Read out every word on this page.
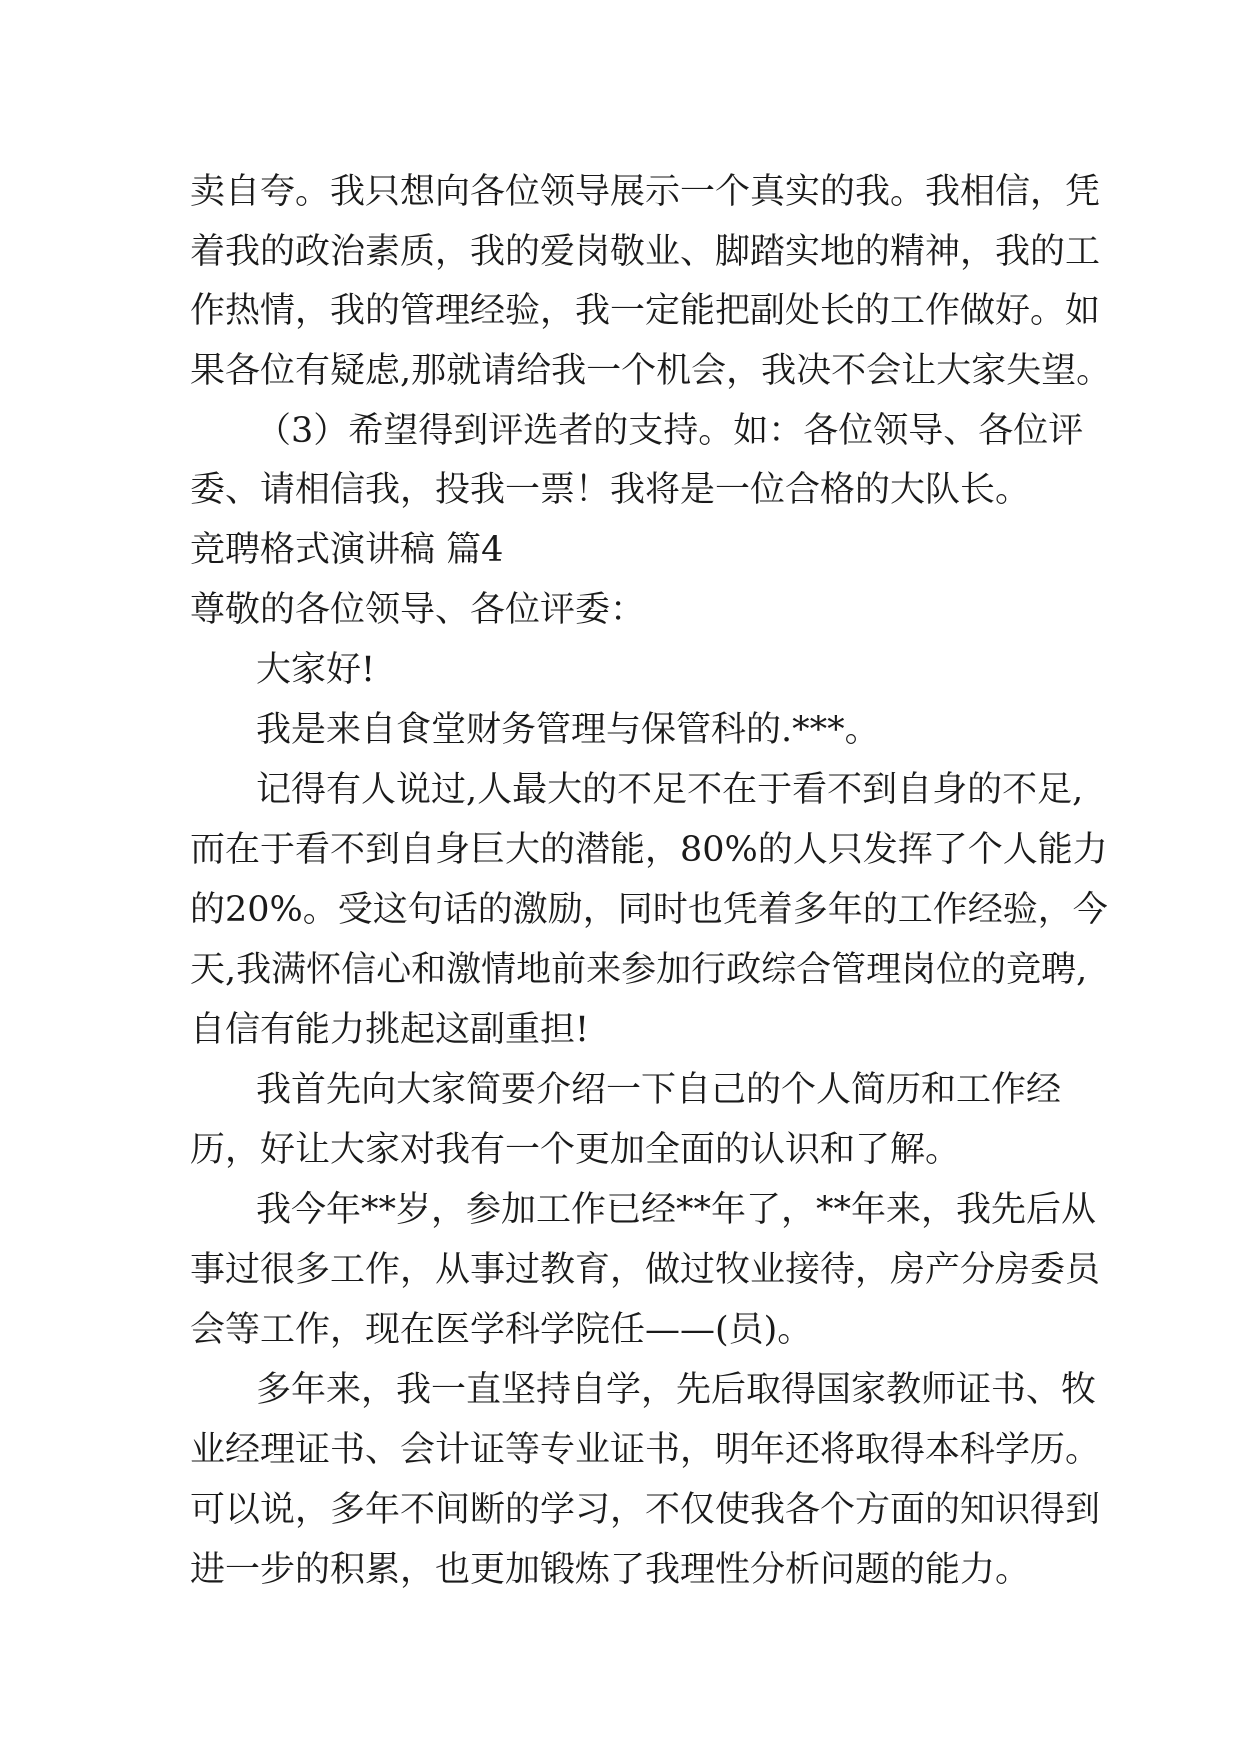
卖自夸。我只想向各位领导展示一个真实的我。我相信，凭
着我的政治素质，我的爱岗敬业、脚踏实地的精神，我的工
作热情，我的管理经验，我一定能把副处长的工作做好。如
果各位有疑虑,那就请给我一个机会，我决不会让大家失望。
（3）希望得到评选者的支持。如：各位领导、各位评
委、请相信我，投我一票！我将是一位合格的大队长。
竞聘格式演讲稿 篇4
尊敬的各位领导、各位评委：
大家好!
我是来自食堂财务管理与保管科的.***。
记得有人说过,人最大的不足不在于看不到自身的不足,
而在于看不到自身巨大的潜能，80%的人只发挥了个人能力
的20%。受这句话的激励，同时也凭着多年的工作经验，今
天,我满怀信心和激情地前来参加行政综合管理岗位的竞聘,
自信有能力挑起这副重担!
我首先向大家简要介绍一下自己的个人简历和工作经
历，好让大家对我有一个更加全面的认识和了解。
我今年**岁，参加工作已经**年了，**年来，我先后从
事过很多工作，从事过教育，做过牧业接待，房产分房委员
会等工作，现在医学科学院任——(员)。
多年来，我一直坚持自学，先后取得国家教师证书、牧
业经理证书、会计证等专业证书，明年还将取得本科学历。
可以说，多年不间断的学习，不仅使我各个方面的知识得到
进一步的积累，也更加锻炼了我理性分析问题的能力。
